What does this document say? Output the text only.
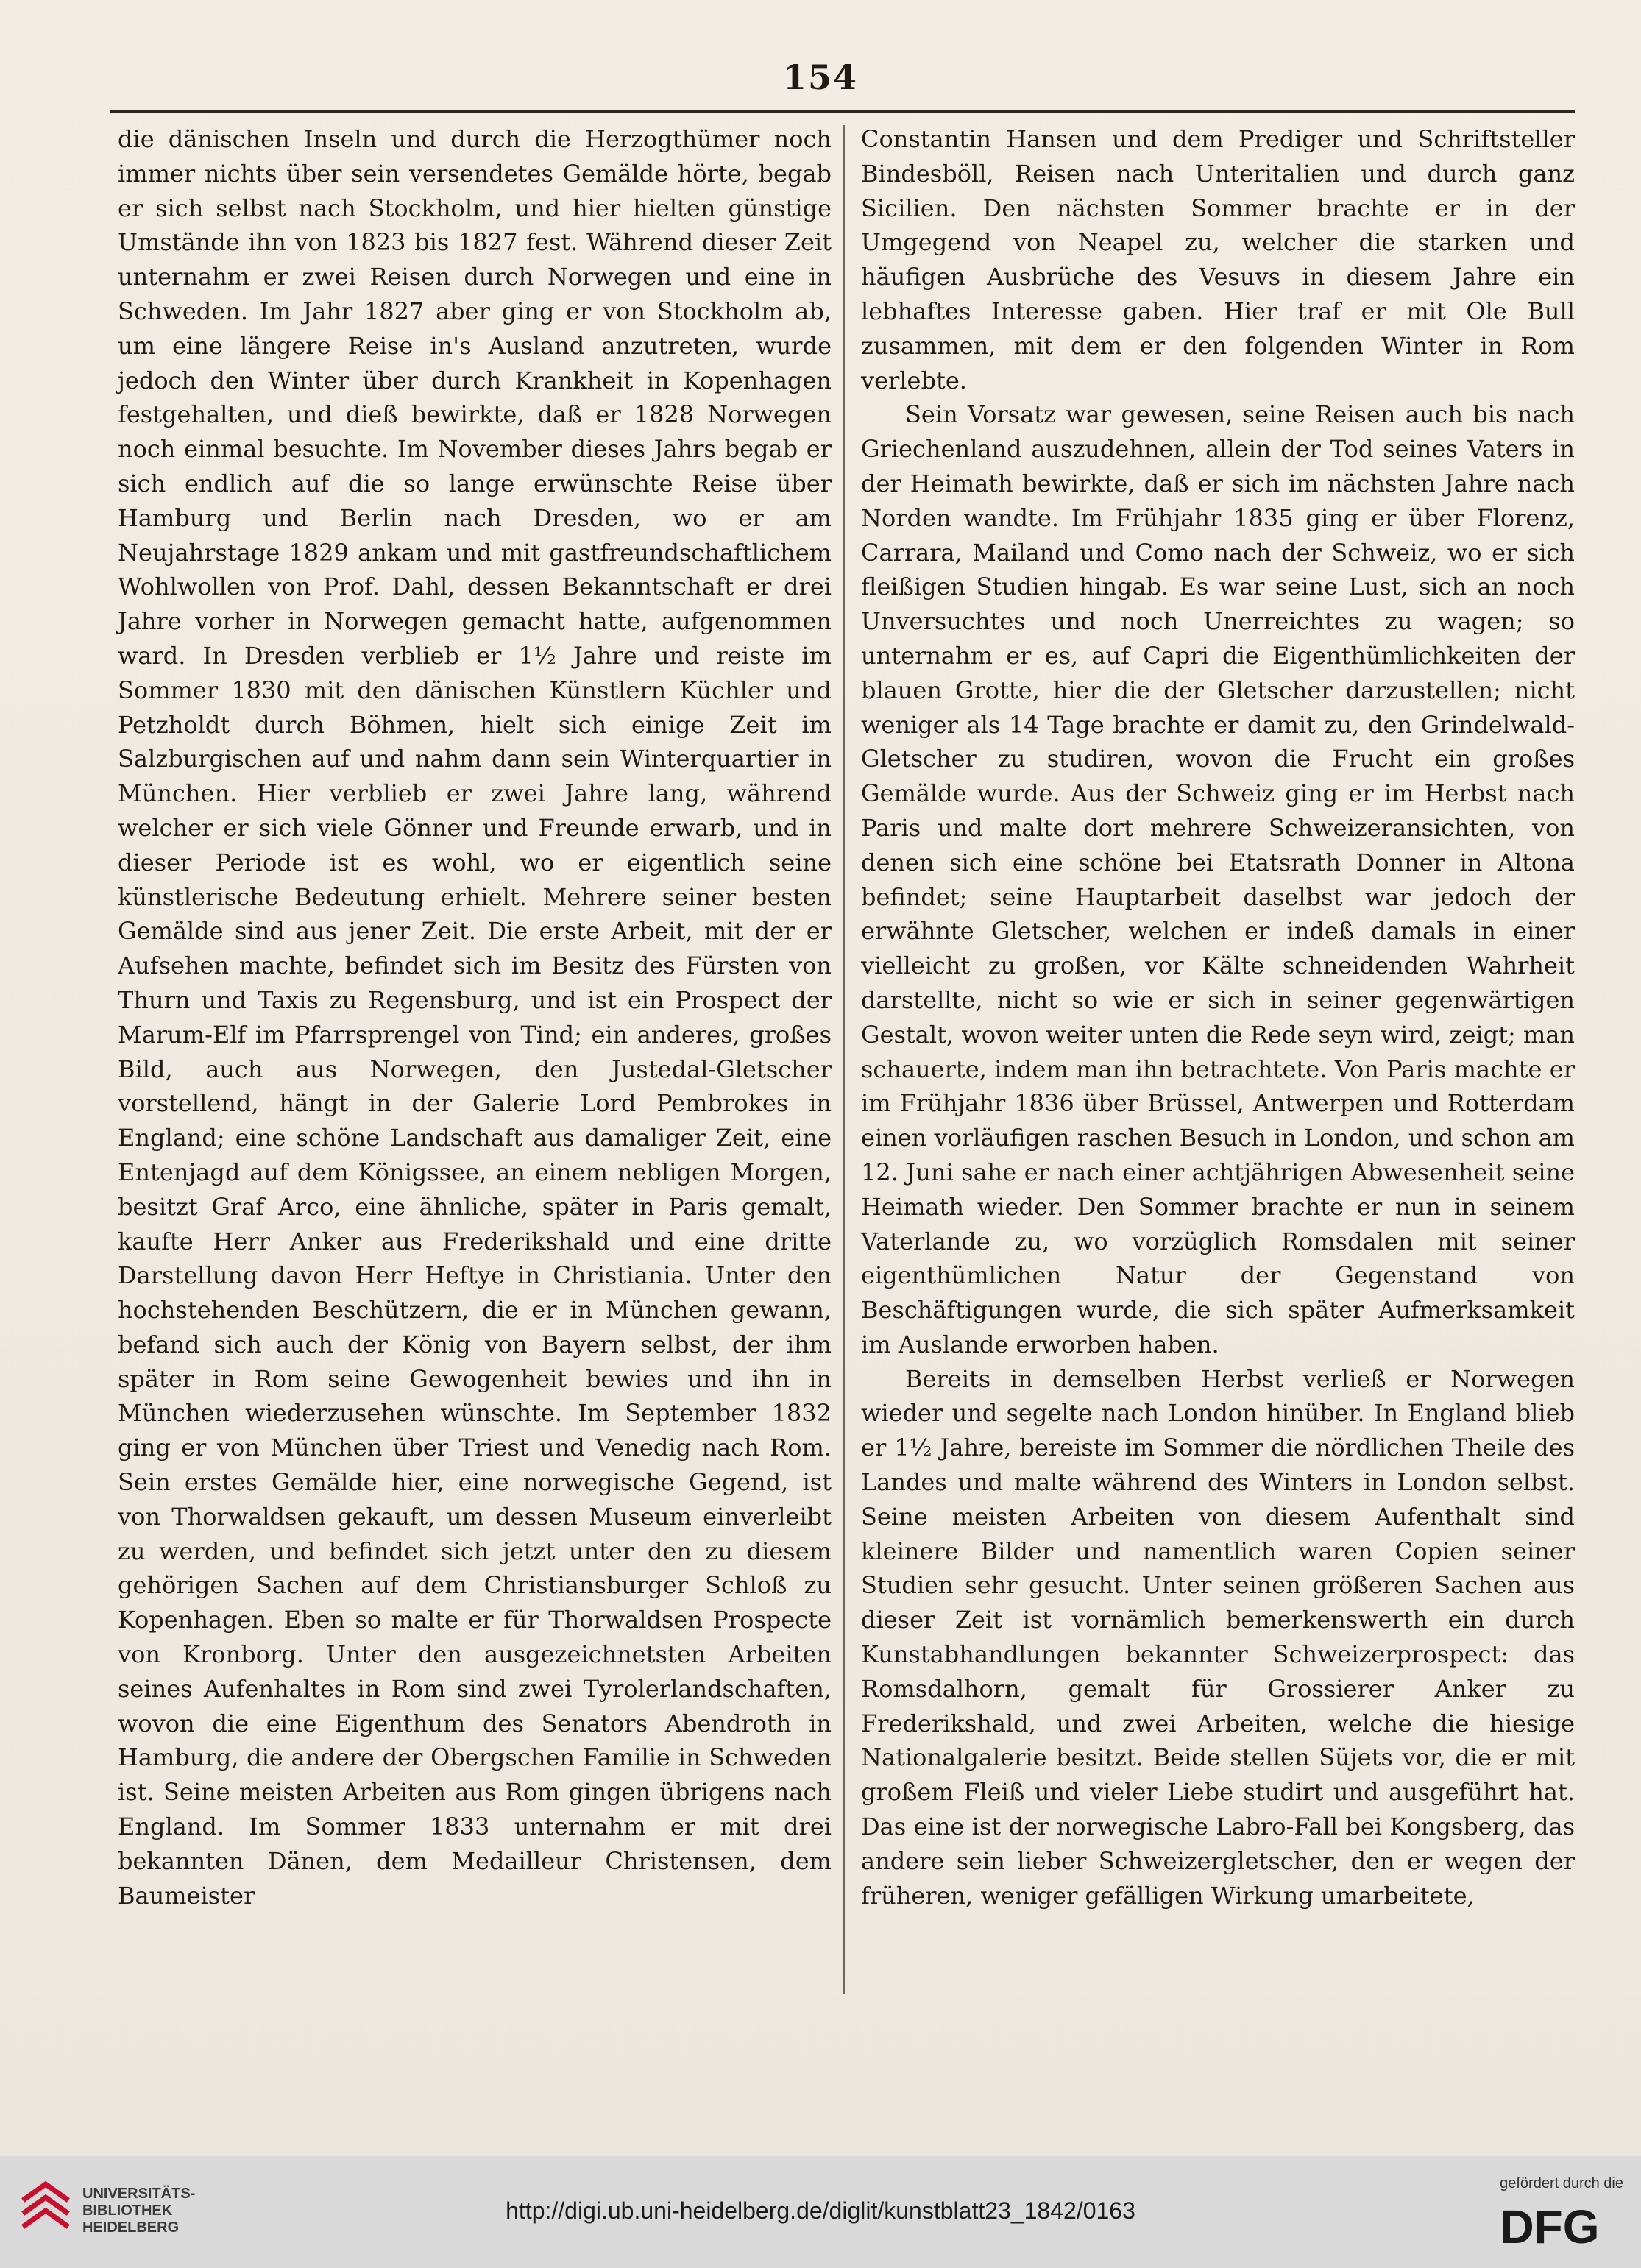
154

die dänischen Inseln und durch die Herzogthümer noch immer nichts über sein versendetes Gemälde hörte, begab er sich selbst nach Stockholm, und hier hielten günstige Umstände ihn von 1823 bis 1827 fest. Während dieser Zeit unternahm er zwei Reisen durch Norwegen und eine in Schweden. Im Jahr 1827 aber ging er von Stockholm ab, um eine längere Reise in's Ausland anzutreten, wurde jedoch den Winter über durch Krankheit in Kopenhagen festgehalten, und dieß bewirkte, daß er 1828 Norwegen noch einmal besuchte. Im November dieses Jahrs begab er sich endlich auf die so lange erwünschte Reise über Hamburg und Berlin nach Dresden, wo er am Neujahrstage 1829 ankam und mit gastfreundschaftlichem Wohlwollen von Prof. Dahl, dessen Bekanntschaft er drei Jahre vorher in Norwegen gemacht hatte, aufgenommen ward. In Dresden verblieb er 1½ Jahre und reiste im Sommer 1830 mit den dänischen Künstlern Küchler und Petzholdt durch Böhmen, hielt sich einige Zeit im Salzburgischen auf und nahm dann sein Winterquartier in München. Hier verblieb er zwei Jahre lang, während welcher er sich viele Gönner und Freunde erwarb, und in dieser Periode ist es wohl, wo er eigentlich seine künstlerische Bedeutung erhielt. Mehrere seiner besten Gemälde sind aus jener Zeit. Die erste Arbeit, mit der er Aufsehen machte, befindet sich im Besitz des Fürsten von Thurn und Taxis zu Regensburg, und ist ein Prospect der Marum-Elf im Pfarrsprengel von Tind; ein anderes, großes Bild, auch aus Norwegen, den Justedal-Gletscher vorstellend, hängt in der Galerie Lord Pembrokes in England; eine schöne Landschaft aus damaliger Zeit, eine Entenjagd auf dem Königssee, an einem nebligen Morgen, besitzt Graf Arco, eine ähnliche, später in Paris gemalt, kaufte Herr Anker aus Frederikshald und eine dritte Darstellung davon Herr Heftye in Christiania. Unter den hochstehenden Beschützern, die er in München gewann, befand sich auch der König von Bayern selbst, der ihm später in Rom seine Gewogenheit bewies und ihn in München wiederzusehen wünschte. Im September 1832 ging er von München über Triest und Venedig nach Rom. Sein erstes Gemälde hier, eine norwegische Gegend, ist von Thorwaldsen gekauft, um dessen Museum einverleibt zu werden, und befindet sich jetzt unter den zu diesem gehörigen Sachen auf dem Christiansburger Schloß zu Kopenhagen. Eben so malte er für Thorwaldsen Prospecte von Kronborg. Unter den ausgezeichnetsten Arbeiten seines Aufenhaltes in Rom sind zwei Tyrolerlandschaften, wovon die eine Eigenthum des Senators Abendroth in Hamburg, die andere der Obergschen Familie in Schweden ist. Seine meisten Arbeiten aus Rom gingen übrigens nach England. Im Sommer 1833 unternahm er mit drei bekannten Dänen, dem Medailleur Christensen, dem Baumeister

Constantin Hansen und dem Prediger und Schriftsteller Bindesböll, Reisen nach Unteritalien und durch ganz Sicilien. Den nächsten Sommer brachte er in der Umgegend von Neapel zu, welcher die starken und häufigen Ausbrüche des Vesuvs in diesem Jahre ein lebhaftes Interesse gaben. Hier traf er mit Ole Bull zusammen, mit dem er den folgenden Winter in Rom verlebte.

Sein Vorsatz war gewesen, seine Reisen auch bis nach Griechenland auszudehnen, allein der Tod seines Vaters in der Heimath bewirkte, daß er sich im nächsten Jahre nach Norden wandte. Im Frühjahr 1835 ging er über Florenz, Carrara, Mailand und Como nach der Schweiz, wo er sich fleißigen Studien hingab. Es war seine Lust, sich an noch Unversuchtes und noch Unerreichtes zu wagen; so unternahm er es, auf Capri die Eigenthümlichkeiten der blauen Grotte, hier die der Gletscher darzustellen; nicht weniger als 14 Tage brachte er damit zu, den Grindelwald-Gletscher zu studiren, wovon die Frucht ein großes Gemälde wurde. Aus der Schweiz ging er im Herbst nach Paris und malte dort mehrere Schweizeransichten, von denen sich eine schöne bei Etatsrath Donner in Altona befindet; seine Hauptarbeit daselbst war jedoch der erwähnte Gletscher, welchen er indeß damals in einer vielleicht zu großen, vor Kälte schneidenden Wahrheit darstellte, nicht so wie er sich in seiner gegenwärtigen Gestalt, wovon weiter unten die Rede seyn wird, zeigt; man schauerte, indem man ihn betrachtete. Von Paris machte er im Frühjahr 1836 über Brüssel, Antwerpen und Rotterdam einen vorläufigen raschen Besuch in London, und schon am 12. Juni sahe er nach einer achtjährigen Abwesenheit seine Heimath wieder. Den Sommer brachte er nun in seinem Vaterlande zu, wo vorzüglich Romsdalen mit seiner eigenthümlichen Natur der Gegenstand von Beschäftigungen wurde, die sich später Aufmerksamkeit im Auslande erworben haben.

Bereits in demselben Herbst verließ er Norwegen wieder und segelte nach London hinüber. In England blieb er 1½ Jahre, bereiste im Sommer die nördlichen Theile des Landes und malte während des Winters in London selbst. Seine meisten Arbeiten von diesem Aufenthalt sind kleinere Bilder und namentlich waren Copien seiner Studien sehr gesucht. Unter seinen größeren Sachen aus dieser Zeit ist vornämlich bemerkenswerth ein durch Kunstabhandlungen bekannter Schweizerprospect: das Romsdalhorn, gemalt für Grossierer Anker zu Frederikshald, und zwei Arbeiten, welche die hiesige Nationalgalerie besitzt. Beide stellen Süjets vor, die er mit großem Fleiß und vieler Liebe studirt und ausgeführt hat. Das eine ist der norwegische Labro-Fall bei Kongsberg, das andere sein lieber Schweizergletscher, den er wegen der früheren, weniger gefälligen Wirkung umarbeitete,

UNIVERSITÄTS-
BIBLIOTHEK
HEIDELBERG
http://digi.ub.uni-heidelberg.de/diglit/kunstblatt23_1842/0163
gefördert durch die
DFG
